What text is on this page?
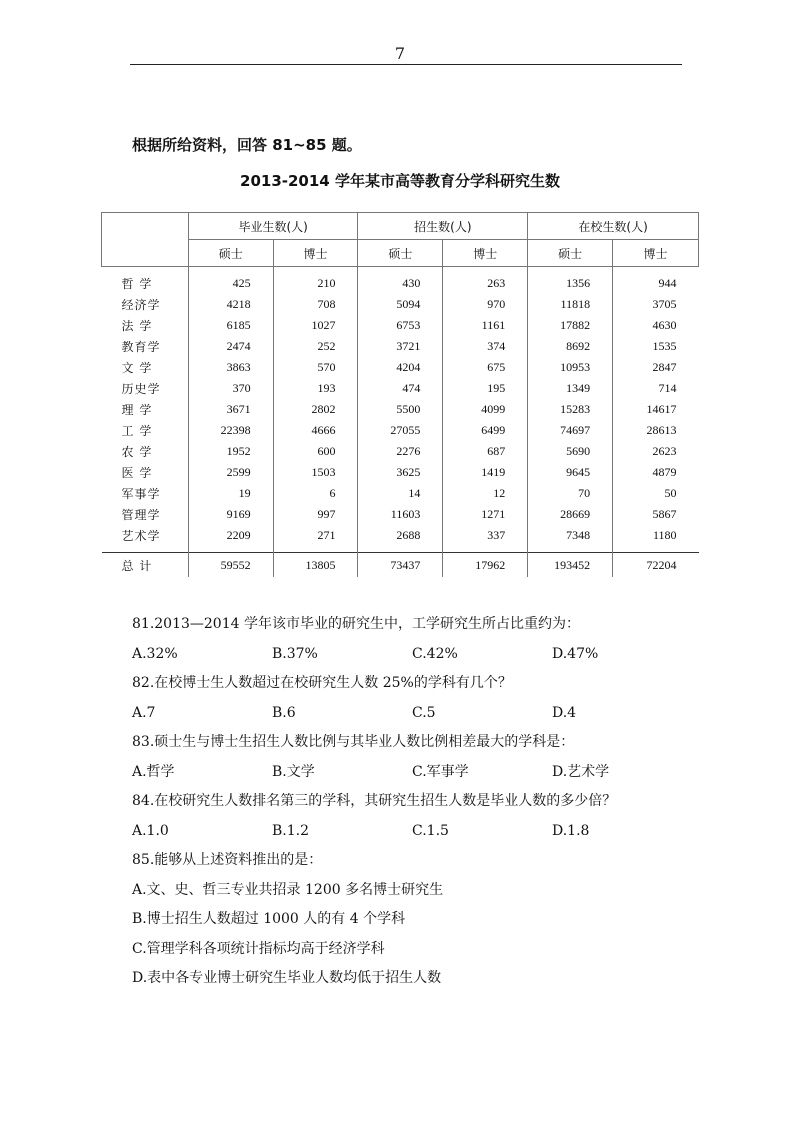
7
根据所给资料，回答 81~85 题。
2013-2014 学年某市高等教育分学科研究生数
	毕业生数(人)		招生数(人)		在校生数(人)	
	硕士	博士	硕士	博士	硕士	博士
哲 学	425	210	430	263	1356	944
经济学	4218	708	5094	970	11818	3705
法 学	6185	1027	6753	1161	17882	4630
教育学	2474	252	3721	374	8692	1535
文 学	3863	570	4204	675	10953	2847
历史学	370	193	474	195	1349	714
理 学	3671	2802	5500	4099	15283	14617
工 学	22398	4666	27055	6499	74697	28613
农 学	1952	600	2276	687	5690	2623
医 学	2599	1503	3625	1419	9645	4879
军事学	19	6	14	12	70	50
管理学	9169	997	11603	1271	28669	5867
艺术学	2209	271	2688	337	7348	1180
总 计	59552	13805	73437	17962	193452	72204
81.2013—2014 学年该市毕业的研究生中，工学研究生所占比重约为：
A.32%	B.37%	C.42%	D.47%
82.在校博士生人数超过在校研究生人数 25%的学科有几个？
A.7	B.6	C.5	D.4
83.硕士生与博士生招生人数比例与其毕业人数比例相差最大的学科是：
A.哲学	B.文学	C.军事学	D.艺术学
84.在校研究生人数排名第三的学科，其研究生招生人数是毕业人数的多少倍？
A.1.0	B.1.2	C.1.5	D.1.8
85.能够从上述资料推出的是：
A.文、史、哲三专业共招录 1200 多名博士研究生
B.博士招生人数超过 1000 人的有 4 个学科
C.管理学科各项统计指标均高于经济学科
D.表中各专业博士研究生毕业人数均低于招生人数
